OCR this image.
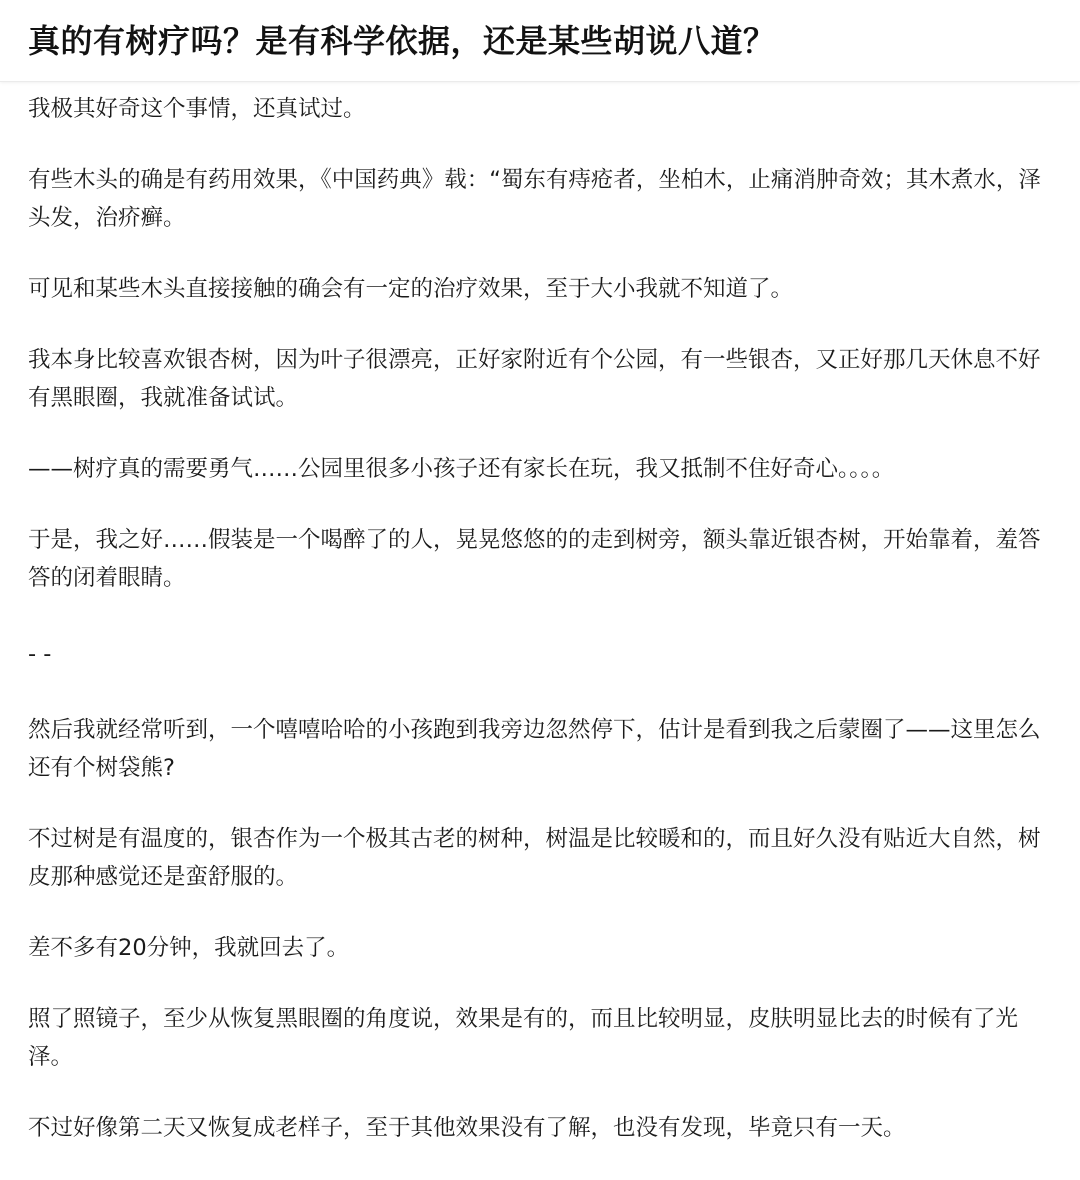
真的有树疗吗？是有科学依据，还是某些胡说八道？

我极其好奇这个事情，还真试过。

有些木头的确是有药用效果，《中国药典》载：“蜀东有痔疮者，坐柏木，止痛消肿奇效；其木煮水，泽头发，治疥癣。

可见和某些木头直接接触的确会有一定的治疗效果，至于大小我就不知道了。

我本身比较喜欢银杏树，因为叶子很漂亮，正好家附近有个公园，有一些银杏，又正好那几天休息不好有黑眼圈，我就准备试试。

——树疗真的需要勇气……公园里很多小孩子还有家长在玩，我又抵制不住好奇心。。。。

于是，我之好……假装是一个喝醉了的人，晃晃悠悠的的走到树旁，额头靠近银杏树，开始靠着，羞答答的闭着眼睛。

- -

然后我就经常听到，一个嘻嘻哈哈的小孩跑到我旁边忽然停下，估计是看到我之后蒙圈了——这里怎么还有个树袋熊?

不过树是有温度的，银杏作为一个极其古老的树种，树温是比较暖和的，而且好久没有贴近大自然，树皮那种感觉还是蛮舒服的。

差不多有20分钟，我就回去了。

照了照镜子，至少从恢复黑眼圈的角度说，效果是有的，而且比较明显，皮肤明显比去的时候有了光泽。

不过好像第二天又恢复成老样子，至于其他效果没有了解，也没有发现，毕竟只有一天。
